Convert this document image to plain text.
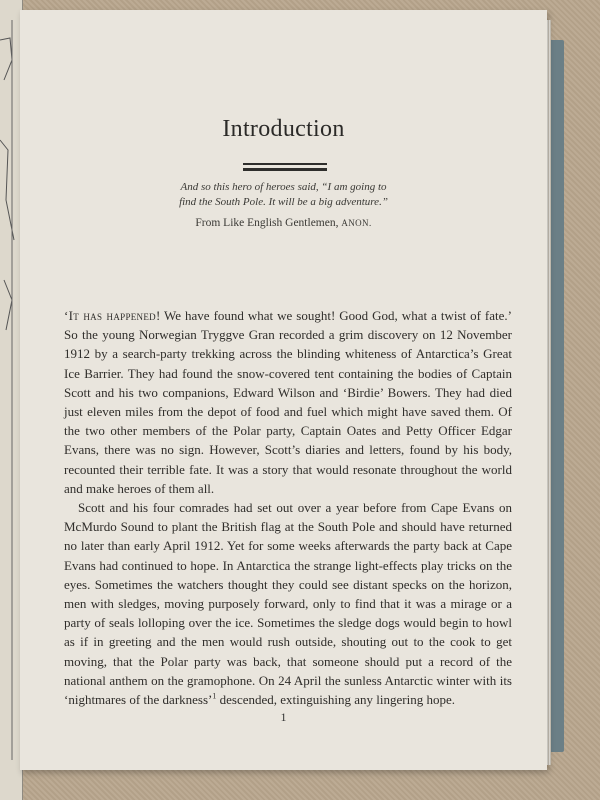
Introduction

And so this hero of heroes said, “I am going to

find the South Pole. It will be a big adventure.”

From Like English Gentlemen, ANON.

‘It has happened! We have found what we sought! Good God, what a twist of fate.’ So the young Norwegian Tryggve Gran recorded a grim discovery on 12 November 1912 by a search-party trekking across the blinding whiteness of Antarctica’s Great Ice Barrier. They had found the snow-covered tent containing the bodies of Captain Scott and his two companions, Edward Wilson and ‘Birdie’ Bowers. They had died just eleven miles from the depot of food and fuel which might have saved them. Of the two other members of the Polar party, Captain Oates and Petty Officer Edgar Evans, there was no sign. However, Scott’s diaries and letters, found by his body, recounted their terrible fate. It was a story that would resonate throughout the world and make heroes of them all.

Scott and his four comrades had set out over a year before from Cape Evans on McMurdo Sound to plant the British flag at the South Pole and should have returned no later than early April 1912. Yet for some weeks afterwards the party back at Cape Evans had continued to hope. In Antarctica the strange light-effects play tricks on the eyes. Sometimes the watchers thought they could see distant specks on the horizon, men with sledges, moving purposely forward, only to find that it was a mirage or a party of seals lolloping over the ice. Sometimes the sledge dogs would begin to howl as if in greeting and the men would rush outside, shouting out to the cook to get moving, that the Polar party was back, that someone should put a record of the national anthem on the gramophone. On 24 April the sunless Antarctic winter with its ‘nightmares of the darkness’$^1$ descended, extinguishing any lingering hope.

1
